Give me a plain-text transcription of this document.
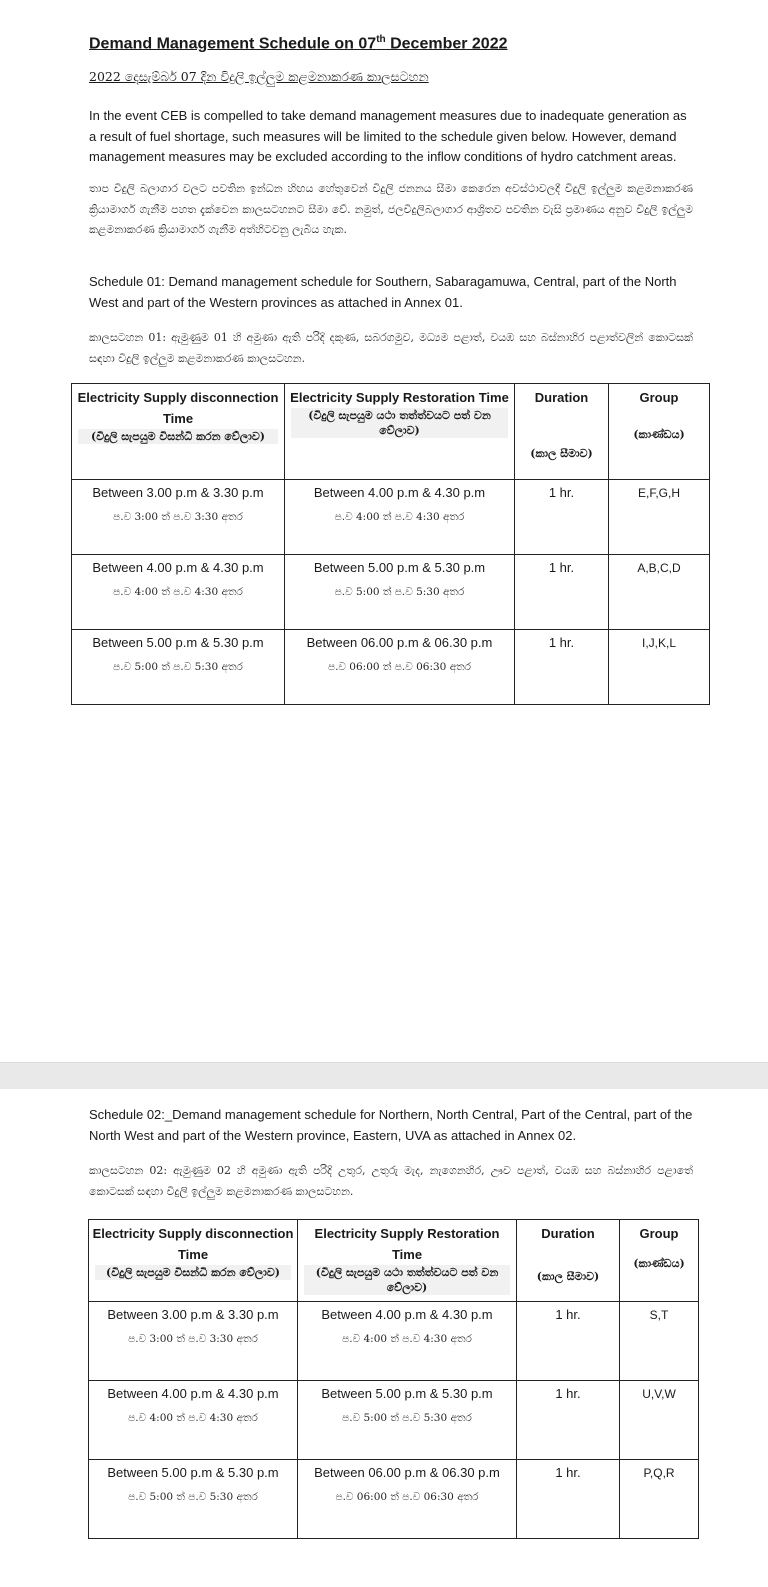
Demand Management Schedule on 07th December 2022
2022 දෙසැම්බර් 07 දින විදුලි ඉල්ලුම කළමනාකරණ කාලසටහන

In the event CEB is compelled to take demand management measures due to inadequate generation as a result of fuel shortage, such measures will be limited to the schedule given below. However, demand management measures may be excluded according to the inflow conditions of hydro catchment areas.

තාප විදුලි බලාගාර වලට පවතින ඉන්ධන හිඟය හේතුවෙන් විදුලි ජනනය සීමා කෙරෙන අවස්ථාවලදී විදුලි ඉල්ලුම කළමනාකරණ ක්‍රියාමාර්ග ගැනීම පහත දැක්වෙන කාලසටහනට සීමා වේ. නමුත්, ජලවිදුලිබලාගාර ආශ්‍රිතව පවතින වැසි ප්‍රමාණය අනුව විදුලි ඉල්ලුම කළමනාකරණ ක්‍රියාමාර්ග ගැනීම අත්හිටවනු ලැබිය හැක.

Schedule 01: Demand management schedule for Southern, Sabaragamuwa, Central, part of the North West and part of the Western provinces as attached in Annex 01.

කාලසටහන 01: ඇමුණුම 01 හි අමුණා ඇති පරිදි දකුණ, සබරගමුව, මධ්‍යම පළාත්, වයඹ සහ බස්නාහිර පළාත්වලින් කොටසක් සඳහා විදුලි ඉල්ලුම කළමනාකරණ කාලසටහන.

Electricity Supply disconnection Time
(විදුලි සැපයුම විසන්ධි කරන වේලාව)	Electricity Supply Restoration Time
(විදුලි සැපයුම යථා තත්ත්වයට පත් වන වේලාව)	Duration
(කාල සීමාව)	Group
(කාණ්ඩය)

Between 3.00 p.m & 3.30 p.m
ප.ව 3:00 ත් ප.ව 3:30 අතර	Between 4.00 p.m & 4.30 p.m
ප.ව 4:00 ත් ප.ව 4:30 අතර	1 hr.	E,F,G,H

Between 4.00 p.m & 4.30 p.m
ප.ව 4:00 ත් ප.ව 4:30 අතර	Between 5.00 p.m & 5.30 p.m
ප.ව 5:00 ත් ප.ව 5:30 අතර	1 hr.	A,B,C,D

Between 5.00 p.m & 5.30 p.m
ප.ව 5:00 ත් ප.ව 5:30 අතර	Between 06.00 p.m & 06.30 p.m
ප.ව 06:00 ත් ප.ව 06:30 අතර	1 hr.	I,J,K,L

Schedule 02:_Demand management schedule for Northern, North Central, Part of the Central, part of the North West and part of the Western province, Eastern, UVA as attached in Annex 02.

කාලසටහන 02: ඇමුණුම 02 හි අමුණා ඇති පරිදි උතුර, උතුරු මැද, නැගෙනහිර, ඌව පළාත්, වයඹ සහ බස්නාහිර පළාතේ කොටසක් සඳහා විදුලි ඉල්ලුම කළමනාකරණ කාලසටහන.

Electricity Supply disconnection Time
(විදුලි සැපයුම විසන්ධි කරන වේලාව)	Electricity Supply Restoration Time
(විදුලි සැපයුම යථා තත්ත්වයට පත් වන වේලාව)	Duration
(කාල සීමාව)	Group
(කාණ්ඩය)

Between 3.00 p.m & 3.30 p.m
ප.ව 3:00 ත් ප.ව 3:30 අතර	Between 4.00 p.m & 4.30 p.m
ප.ව 4:00 ත් ප.ව 4:30 අතර	1 hr.	S,T

Between 4.00 p.m & 4.30 p.m
ප.ව 4:00 ත් ප.ව 4:30 අතර	Between 5.00 p.m & 5.30 p.m
ප.ව 5:00 ත් ප.ව 5:30 අතර	1 hr.	U,V,W

Between 5.00 p.m & 5.30 p.m
ප.ව 5:00 ත් ප.ව 5:30 අතර	Between 06.00 p.m & 06.30 p.m
ප.ව 06:00 ත් ප.ව 06:30 අතර	1 hr.	P,Q,R
